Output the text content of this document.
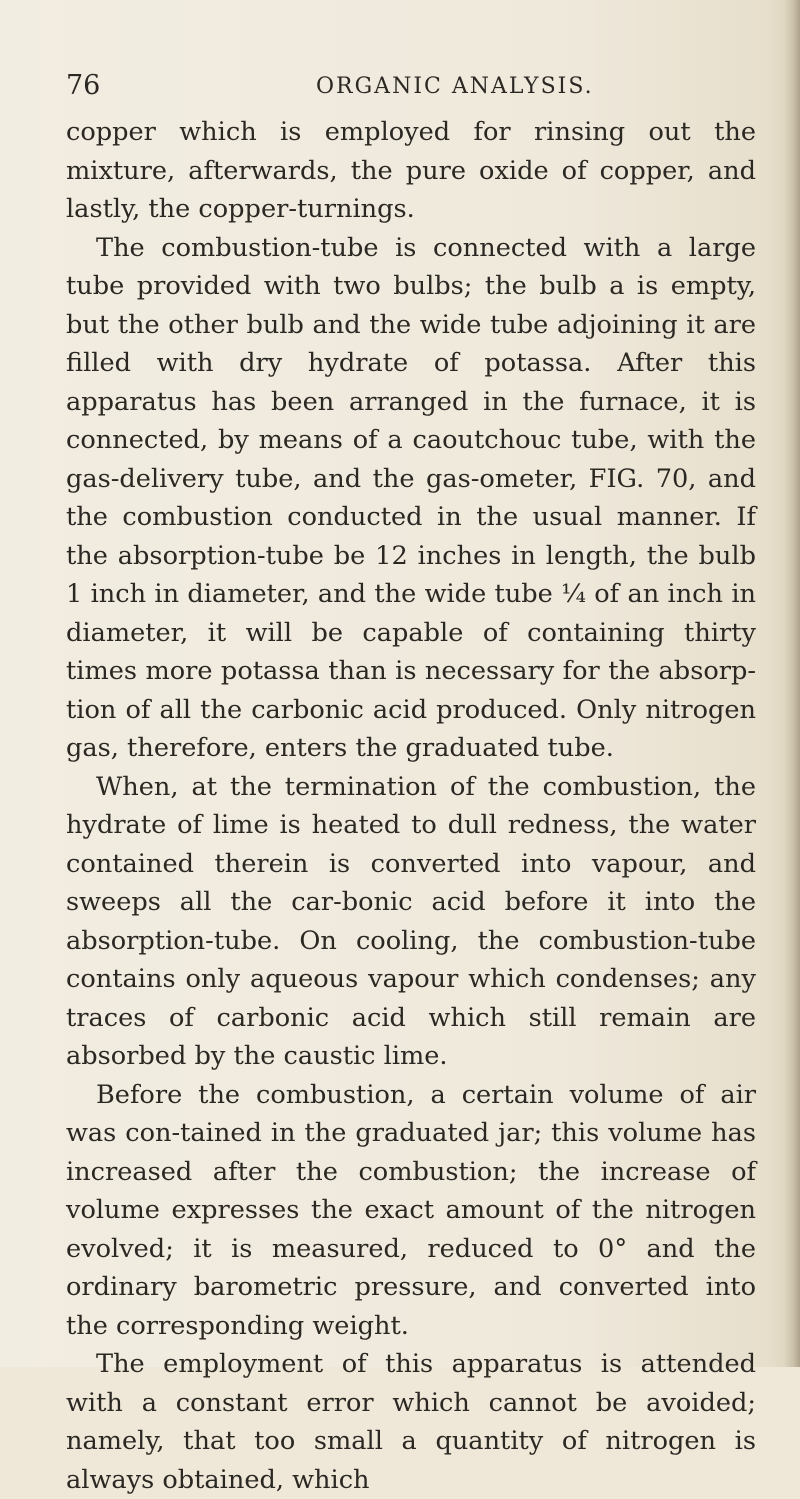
76	ORGANIC ANALYSIS.

copper which is employed for rinsing out the mixture, afterwards, the pure oxide of copper, and lastly, the copper-turnings.

The combustion-tube is connected with a large tube provided with two bulbs; the bulb a is empty, but the other bulb and the wide tube adjoining it are filled with dry hydrate of potassa. After this apparatus has been arranged in the furnace, it is connected, by means of a caoutchouc tube, with the gas-delivery tube, and the gas-ometer, FIG. 70, and the combustion conducted in the usual manner. If the absorption-tube be 12 inches in length, the bulb 1 inch in diameter, and the wide tube ¼ of an inch in diameter, it will be capable of containing thirty times more potassa than is necessary for the absorp-tion of all the carbonic acid produced. Only nitrogen gas, therefore, enters the graduated tube.

When, at the termination of the combustion, the hydrate of lime is heated to dull redness, the water contained therein is converted into vapour, and sweeps all the car-bonic acid before it into the absorption-tube. On cooling, the combustion-tube contains only aqueous vapour which condenses; any traces of carbonic acid which still remain are absorbed by the caustic lime.

Before the combustion, a certain volume of air was con-tained in the graduated jar; this volume has increased after the combustion; the increase of volume expresses the exact amount of the nitrogen evolved; it is measured, reduced to 0° and the ordinary barometric pressure, and converted into the corresponding weight.

The employment of this apparatus is attended with a constant error which cannot be avoided; namely, that too small a quantity of nitrogen is always obtained, which
